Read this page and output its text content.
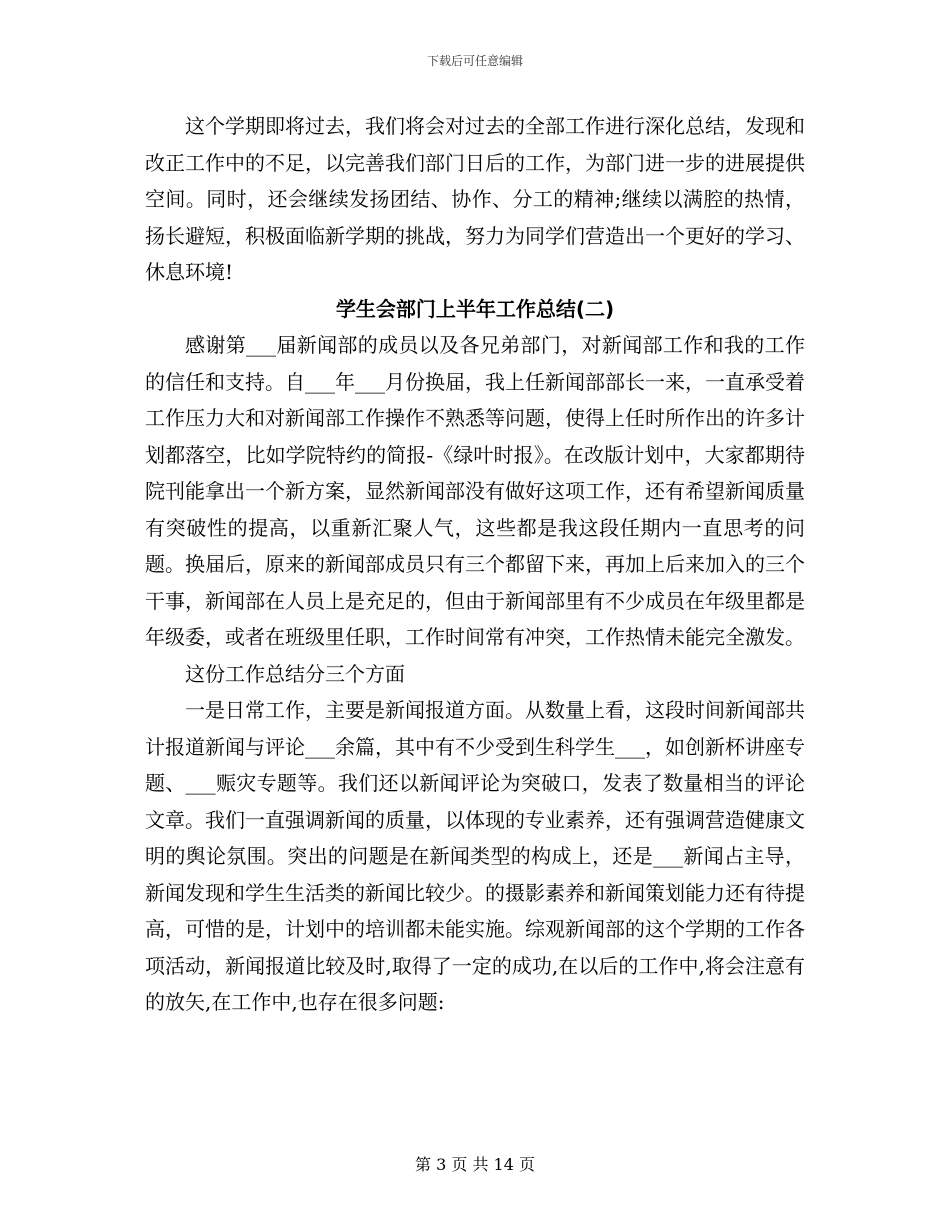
下载后可任意编辑

这个学期即将过去，我们将会对过去的全部工作进行深化总结，发现和改正工作中的不足，以完善我们部门日后的工作，为部门进一步的进展提供空间。同时，还会继续发扬团结、协作、分工的精神;继续以满腔的热情，扬长避短，积极面临新学期的挑战，努力为同学们营造出一个更好的学习、休息环境!

学生会部门上半年工作总结(二)

感谢第___届新闻部的成员以及各兄弟部门，对新闻部工作和我的工作的信任和支持。自___年___月份换届，我上任新闻部部长一来，一直承受着工作压力大和对新闻部工作操作不熟悉等问题，使得上任时所作出的许多计划都落空，比如学院特约的简报-《绿叶时报》。在改版计划中，大家都期待院刊能拿出一个新方案，显然新闻部没有做好这项工作，还有希望新闻质量有突破性的提高，以重新汇聚人气，这些都是我这段任期内一直思考的问题。换届后，原来的新闻部成员只有三个都留下来，再加上后来加入的三个干事，新闻部在人员上是充足的，但由于新闻部里有不少成员在年级里都是年级委，或者在班级里任职，工作时间常有冲突，工作热情未能完全激发。

这份工作总结分三个方面

一是日常工作，主要是新闻报道方面。从数量上看，这段时间新闻部共计报道新闻与评论___余篇，其中有不少受到生科学生___，如创新杯讲座专题、___赈灾专题等。我们还以新闻评论为突破口，发表了数量相当的评论文章。我们一直强调新闻的质量，以体现的专业素养，还有强调营造健康文明的舆论氛围。突出的问题是在新闻类型的构成上，还是___新闻占主导，新闻发现和学生生活类的新闻比较少。的摄影素养和新闻策划能力还有待提高，可惜的是，计划中的培训都未能实施。综观新闻部的这个学期的工作各项活动，新闻报道比较及时,取得了一定的成功,在以后的工作中,将会注意有的放矢,在工作中,也存在很多问题:

第 3 页 共 14 页
